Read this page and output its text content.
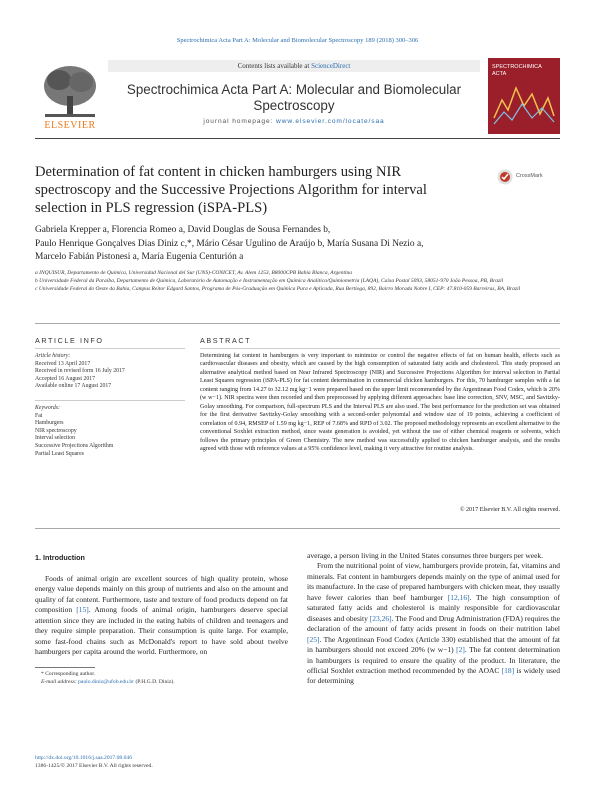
Spectrochimica Acta Part A: Molecular and Biomolecular Spectroscopy 189 (2018) 300–306
ELSEVIER
Contents lists available at ScienceDirect
Spectrochimica Acta Part A: Molecular and Biomolecular Spectroscopy
journal homepage: www.elsevier.com/locate/saa
SPECTROCHIMICA ACTA
Determination of fat content in chicken hamburgers using NIR spectroscopy and the Successive Projections Algorithm for interval selection in PLS regression (iSPA-PLS)
CrossMark
Gabriela Krepper a, Florencia Romeo a, David Douglas de Sousa Fernandes b,
Paulo Henrique Gonçalves Dias Diniz c,*, Mário César Ugulino de Araújo b, María Susana Di Nezio a,
Marcelo Fabián Pistonesi a, María Eugenia Centurión a
a INQUISUR, Departamento de Química, Universidad Nacional del Sur (UNS)-CONICET, Av. Alem 1253, B8000CPB Bahía Blanca, Argentina
b Universidade Federal da Paraíba, Departamento de Química, Laboratório de Automação e Instrumentação em Química Analítica/Quimiometria (LAQA), Caixa Postal 5093, 58051-970 João Pessoa, PB, Brazil
c Universidade Federal do Oeste da Bahia, Campus Reitor Edgard Santos, Programa de Pós-Graduação em Química Pura e Aplicada, Rua Bertioga, 892, Bairro Morada Nobre I, CEP: 47.810-059 Barreiras, BA, Brazil
ARTICLE INFO	ABSTRACT
Article history:
Received 13 April 2017
Received in revised form 16 July 2017
Accepted 16 August 2017
Available online 17 August 2017
Keywords:
Fat
Hamburgers
NIR spectroscopy
Interval selection
Successive Projections Algorithm
Partial Least Squares
Determining fat content in hamburgers is very important to minimize or control the negative effects of fat on human health, effects such as cardiovascular diseases and obesity, which are caused by the high consumption of saturated fatty acids and cholesterol. This study proposed an alternative analytical method based on Near Infrared Spectroscopy (NIR) and Successive Projections Algorithm for interval selection in Partial Least Squares regression (iSPA-PLS) for fat content determination in commercial chicken hamburgers. For this, 70 hamburger samples with a fat content ranging from 14.27 to 32.12 mg kg−1 were prepared based on the upper limit recommended by the Argentinean Food Codex, which is 20% (w w−1). NIR spectra were then recorded and then preprocessed by applying different approaches: base line correction, SNV, MSC, and Savitzky-Golay smoothing. For comparison, full-spectrum PLS and the Interval PLS are also used. The best performance for the prediction set was obtained for the first derivative Savitzky-Golay smoothing with a second-order polynomial and window size of 19 points, achieving a coefficient of correlation of 0.94, RMSEP of 1.59 mg kg−1, REP of 7.68% and RPD of 3.02. The proposed methodology represents an excellent alternative to the conventional Soxhlet extraction method, since waste generation is avoided, yet without the use of either chemical reagents or solvents, which follows the primary principles of Green Chemistry. The new method was successfully applied to chicken hamburger analysis, and the results agreed with those with reference values at a 95% confidence level, making it very attractive for routine analysis.
© 2017 Elsevier B.V. All rights reserved.
1. Introduction
Foods of animal origin are excellent sources of high quality protein, whose energy value depends mainly on this group of nutrients and also on the amount and quality of fat content. Furthermore, taste and texture of food products depend on fat composition [15]. Among foods of animal origin, hamburgers deserve special attention since they are included in the eating habits of children and teenagers and they require simple preparation. Their consumption is quite large. For example, some fast-food chains such as McDonald's report to have sold about twelve hamburgers per capita around the world. Furthermore, on
average, a person living in the United States consumes three burgers per week.
From the nutritional point of view, hamburgers provide protein, fat, vitamins and minerals. Fat content in hamburgers depends mainly on the type of animal used for its manufacture. In the case of prepared hamburgers with chicken meat, they usually have fewer calories than beef hamburger [12,16]. The high consumption of saturated fatty acids and cholesterol is mainly responsible for cardiovascular diseases and obesity [23,26]. The Food and Drug Administration (FDA) requires the declaration of the amount of fatty acids present in foods on their nutrition label [25]. The Argentinean Food Codex (Article 330) established that the amount of fat in hamburgers should not exceed 20% (w w−1) [2]. The fat content determination in hamburgers is required to ensure the quality of the product. In literature, the official Soxhlet extraction method recommended by the AOAC [18] is widely used for determining
* Corresponding author.
E-mail address: paulo.diniz@ufob.edu.br (P.H.G.D. Diniz).
http://dx.doi.org/10.1016/j.saa.2017.08.046
1386-1425/© 2017 Elsevier B.V. All rights reserved.
